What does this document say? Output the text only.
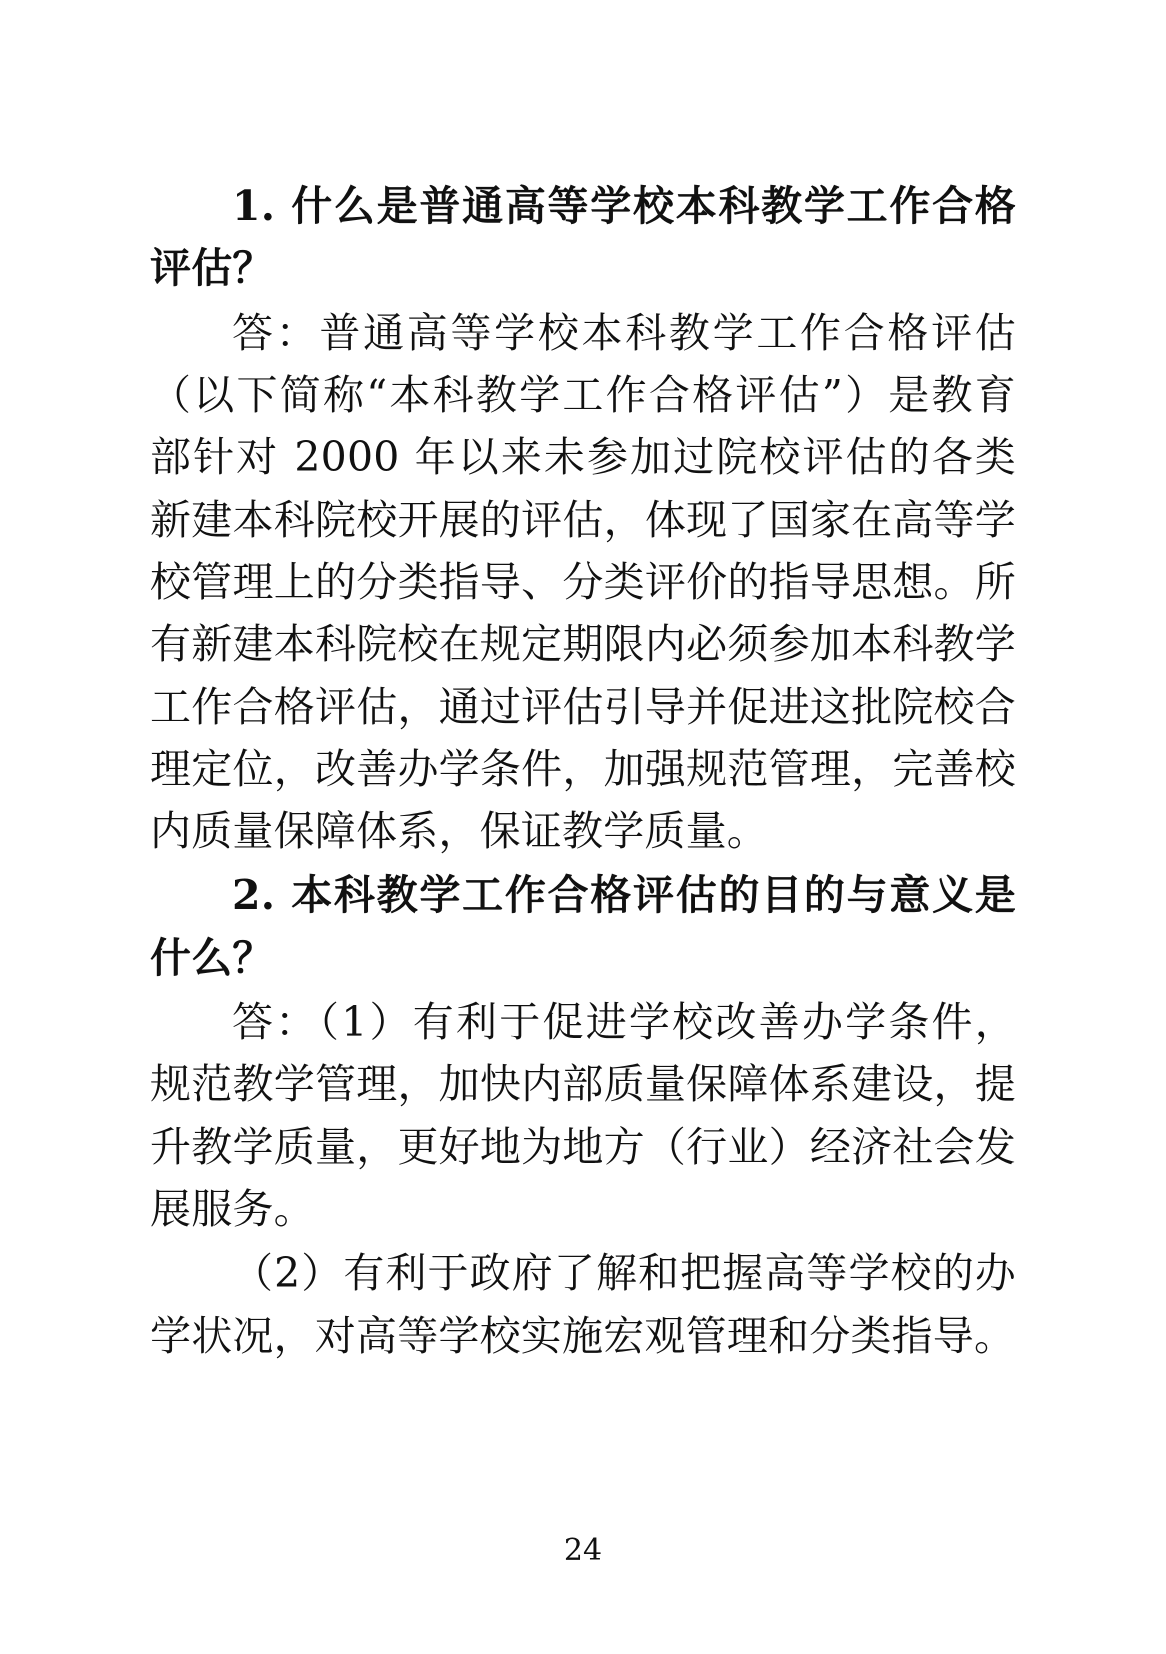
1. 什么是普通高等学校本科教学工作合格评估？

答：普通高等学校本科教学工作合格评估（以下简称“本科教学工作合格评估”）是教育部针对 2000 年以来未参加过院校评估的各类新建本科院校开展的评估，体现了国家在高等学校管理上的分类指导、分类评价的指导思想。所有新建本科院校在规定期限内必须参加本科教学工作合格评估，通过评估引导并促进这批院校合理定位，改善办学条件，加强规范管理，完善校内质量保障体系，保证教学质量。

2. 本科教学工作合格评估的目的与意义是什么？

答：（1）有利于促进学校改善办学条件，规范教学管理，加快内部质量保障体系建设，提升教学质量，更好地为地方（行业）经济社会发展服务。

（2）有利于政府了解和把握高等学校的办学状况，对高等学校实施宏观管理和分类指导。

24
